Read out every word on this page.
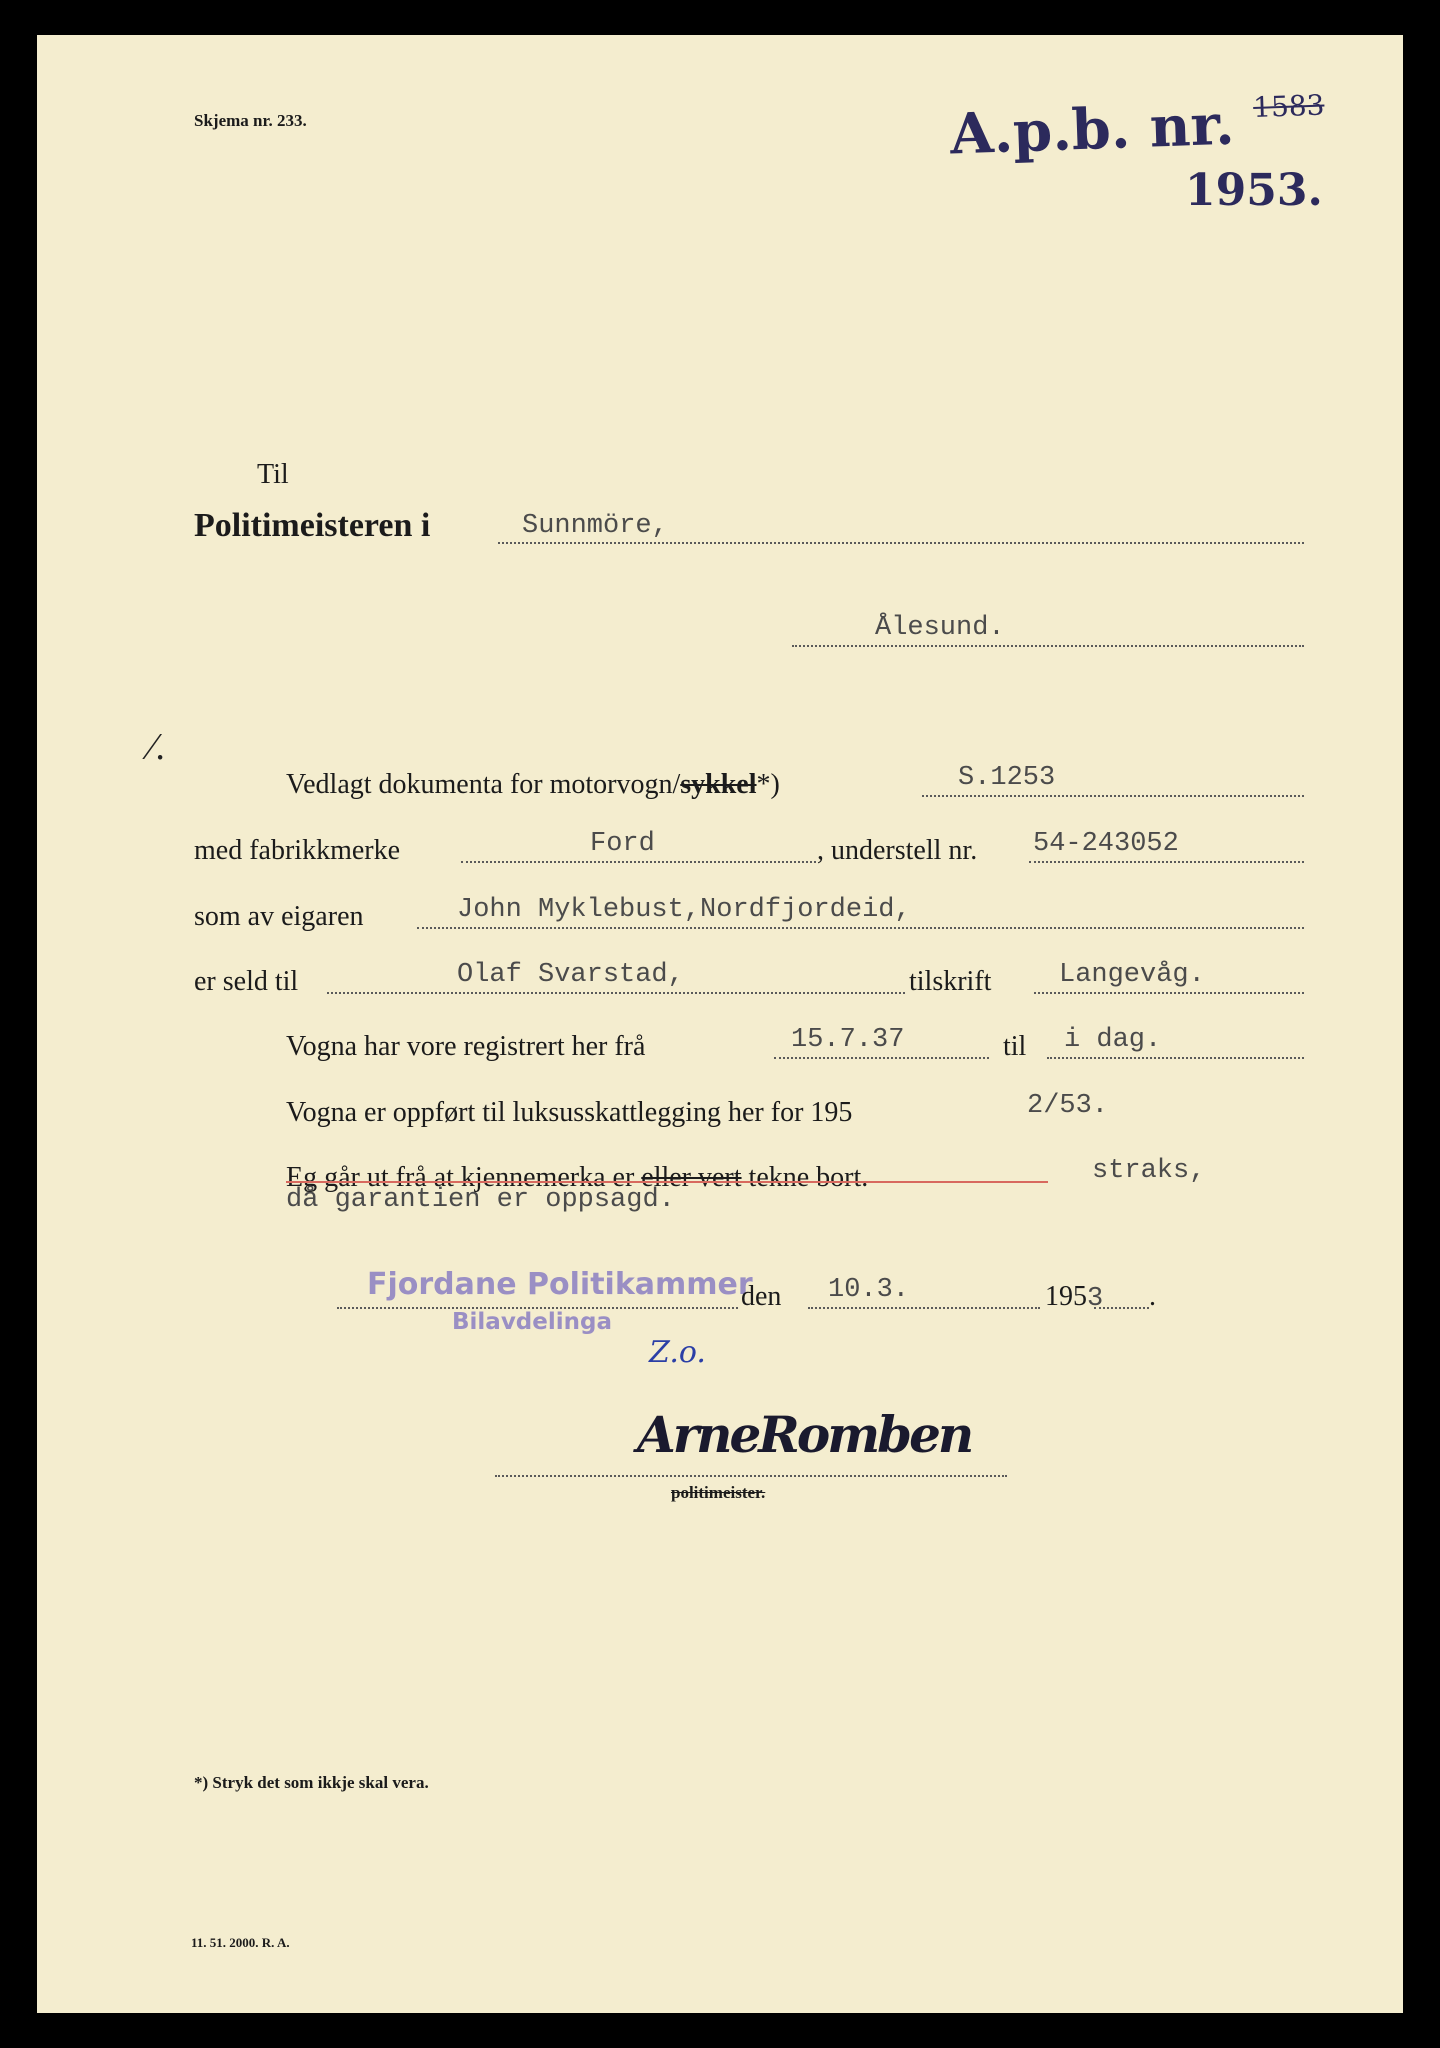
Skjema nr. 233.	A.p.b. nr. $^{1583}$
1953.
Til
Politimeisteren i	Sunnmöre,
Ålesund.
⁄.
Vedlagt dokumenta for motorvogn/sykkel*)	S.1253
med fabrikkmerke	Ford	, understell nr. 54-243052
som av eigaren	John Myklebust,Nordfjordeid,
er seld til	Olaf Svarstad,	tilskrift	Langevåg.
Vogna har vore registrert her frå	15.7.37	til i dag.
Vogna er oppført til luksusskattlegging her for 195	2/53.
Eg går ut frå at kjennemerka er eller vert tekne bort.	straks,
då garantien er oppsagd.
Fjordane Politikammer
Bilavdelinga
den 10.3.	1953 .
Z.o.
ArneRomben
politimeister.
*) Stryk det som ikkje skal vera.
11. 51. 2000. R. A.
